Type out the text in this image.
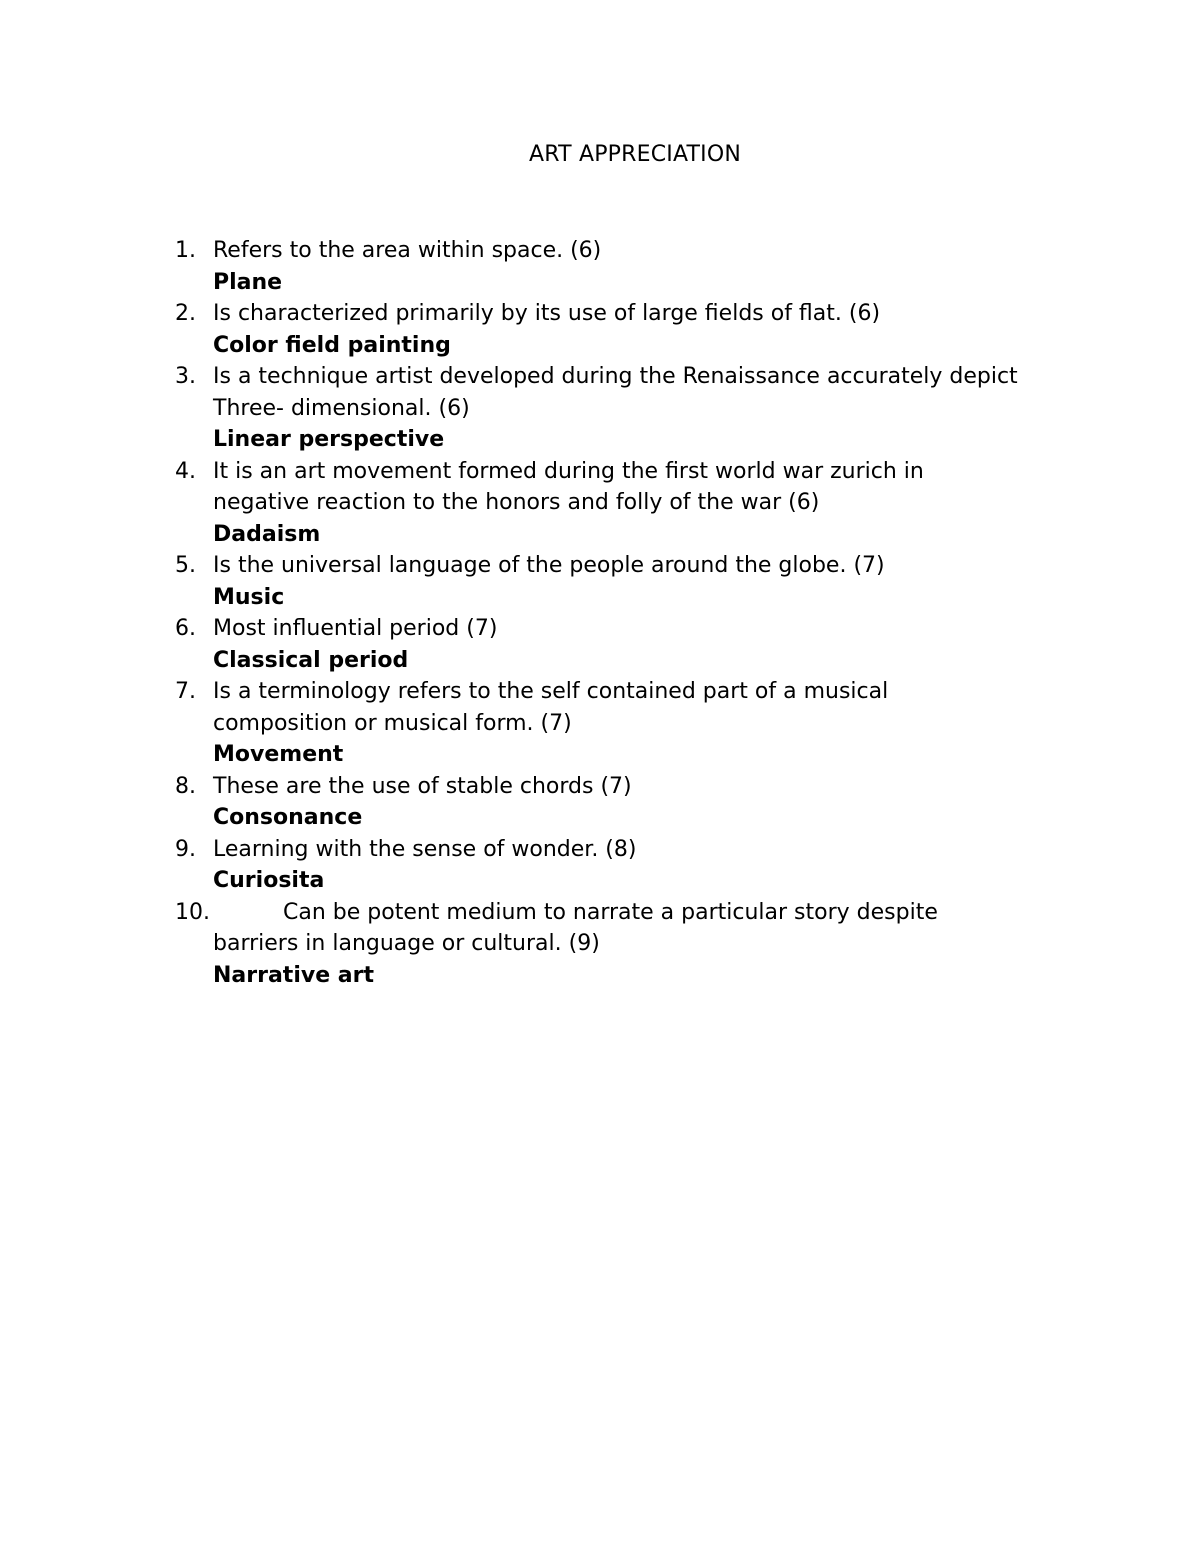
ART APPRECIATION
1. Refers to the area within space. (6)
Plane
2. Is characterized primarily by its use of large fields of flat. (6)
Color field painting
3. Is a technique artist developed during the Renaissance accurately depict Three- dimensional. (6)
Linear perspective
4. It is an art movement formed during the first world war zurich in negative reaction to the honors and folly of the war (6)
Dadaism
5. Is the universal language of the people around the globe. (7)
Music
6. Most influential period (7)
Classical period
7. Is a terminology refers to the self contained part of a musical composition or musical form. (7)
Movement
8. These are the use of stable chords (7)
Consonance
9. Learning with the sense of wonder. (8)
Curiosita
10.	Can be potent medium to narrate a particular story despite barriers in language or cultural. (9)
Narrative art
